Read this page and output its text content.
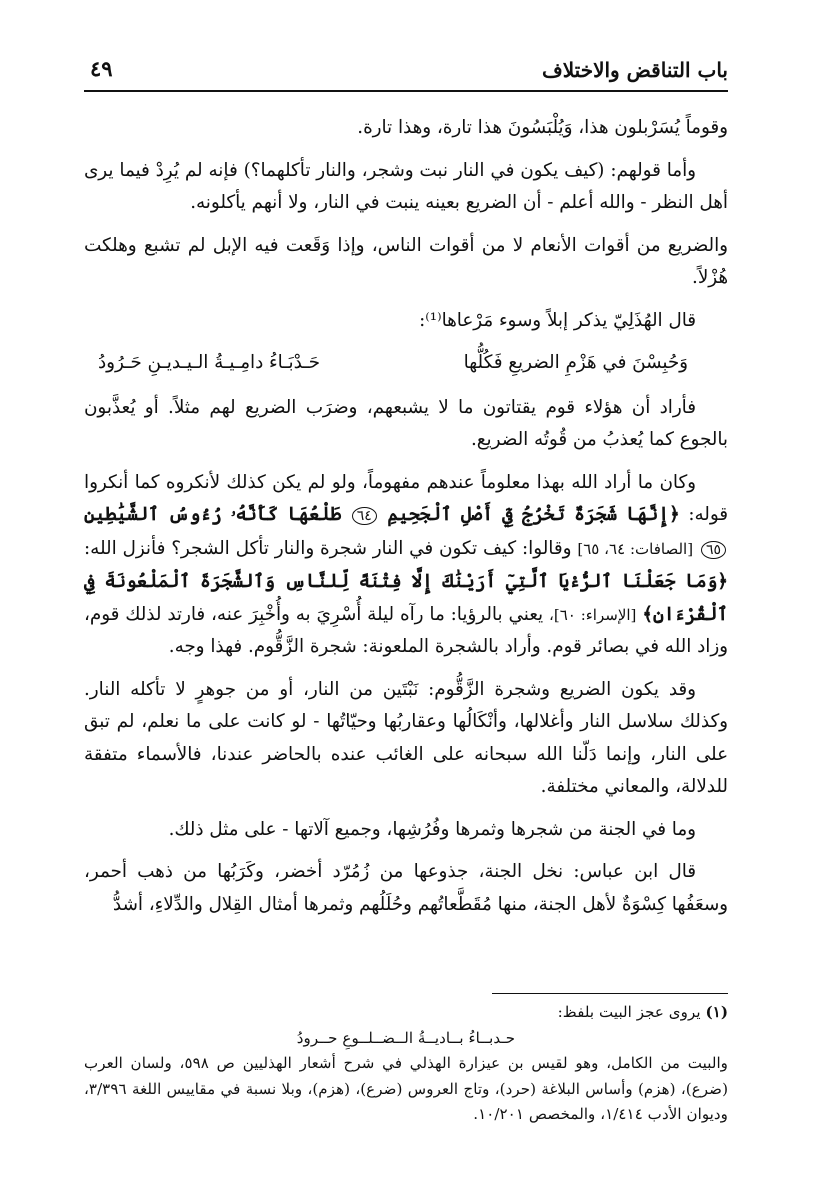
باب التناقض والاختلاف
٤٩

وقوماً يُسَرْبلون هذا، وَيُلْبَسُونَ هذا تارة، وهذا تارة.

وأما قولهم: (كيف يكون في النار نبت وشجر، والنار تأكلهما؟) فإنه لم يُرِدْ فيما يرى أهل النظر - والله أعلم - أن الضريع بعينه ينبت في النار، ولا أنهم يأكلونه.

والضريع من أقوات الأنعام لا من أقوات الناس، وإذا وَقَعت فيه الإبل لم تشبع وهلكت هُزْلاً.

قال الهُذَلِيّ يذكر إبلاً وسوء مَرْعاها⁽¹⁾:

وَحُبِسْنَ في هَزْمِ الضريعِ فَكُلُّها
حَـدْبَـاءُ دامِـيـةُ الـيـديـنِ حَـرُودُ

فأراد أن هؤلاء قوم يقتاتون ما لا يشبعهم، وضرَب الضريع لهم مثلاً. أو يُعذَّبون بالجوع كما يُعذبُ من قُوتُه الضريع.

وكان ما أراد الله بهذا معلوماً عندهم مفهوماً، ولو لم يكن كذلك لأنكروه كما أنكروا قوله: ﴿إِنَّهَا شَجَرَةٌ تَخْرُجُ فِيٓ أَصْلِ ٱلْجَحِيمِ ٦٤ طَلْعُهَا كَأَنَّهُۥ رُءُوسُ ٱلشَّيَٰطِينِ ٦٥ [الصافات: ٦٤، ٦٥] وقالوا: كيف تكون في النار شجرة والنار تأكل الشجر؟ فأنزل الله: ﴿وَمَا جَعَلْنَا ٱلرُّءْيَا ٱلَّتِيٓ أَرَيْنَٰكَ إِلَّا فِتْنَةً لِّلنَّاسِ وَٱلشَّجَرَةَ ٱلْمَلْعُونَةَ فِي ٱلْقُرْءَانِ﴾ [الإسراء: ٦٠]، يعني بالرؤيا: ما رآه ليلة أُسْرِيَ به وأُخْبِرَ عنه، فارتد لذلك قوم، وزاد الله في بصائر قوم. وأراد بالشجرة الملعونة: شجرة الزَّقُّوم. فهذا وجه.

وقد يكون الضريع وشجرة الزَّقُّوم: نَبْتَين من النار، أو من جوهرٍ لا تأكله النار. وكذلك سلاسل النار وأغلالها، وأنْكَالُها وعقاربُها وحيّاتُها - لو كانت على ما نعلم، لم تبق على النار، وإنما دَلّنا الله سبحانه على الغائب عنده بالحاضر عندنا، فالأسماء متفقة للدلالة، والمعاني مختلفة.

وما في الجنة من شجرها وثمرها وفُرُشِها، وجميع آلاتها - على مثل ذلك.

قال ابن عباس: نخل الجنة، جذوعها من زُمُرّد أخضر، وكَرَبُها من ذهب أحمر، وسعَفُها كِسْوَةٌ لأهل الجنة، منها مُقَطَّعاتُهم وحُلَلُهم وثمرها أمثال القِلال والدِّلاءِ، أشدُّ

(١) يروى عجز البيت بلفظ:

حـدبــاءُ بــاديــةُ الــضــلــوعِ حــرودُ

والبيت من الكامل، وهو لقيس بن عيزارة الهذلي في شرح أشعار الهذليين ص ٥٩٨، ولسان العرب (ضرع)، (هزم) وأساس البلاغة (حرد)، وتاج العروس (ضرع)، (هزم)، وبلا نسبة في مقاييس اللغة ٣/٣٩٦، وديوان الأدب ١/٤١٤، والمخصص ١٠/٢٠١.
